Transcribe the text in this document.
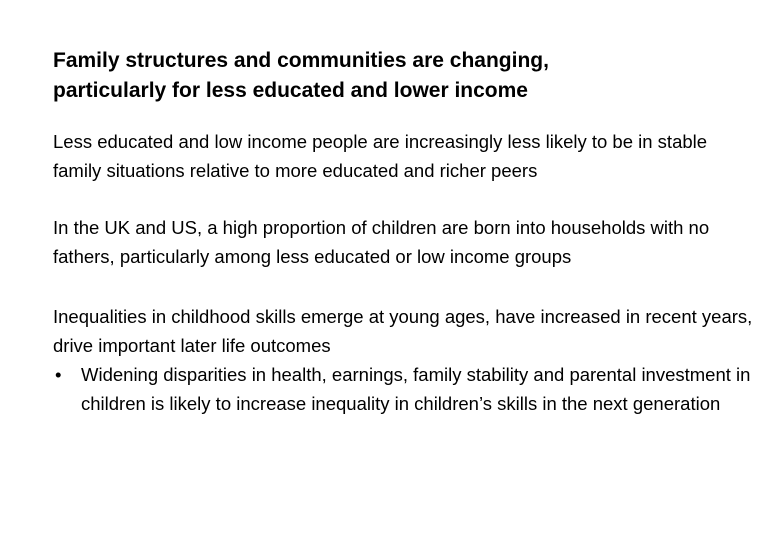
Family structures and communities are changing,
particularly for less educated and lower income

Less educated and low income people are increasingly less likely to be in stable family situations relative to more educated and richer peers

In the UK and US, a high proportion of children are born into households with no fathers, particularly among less educated or low income groups

Inequalities in childhood skills emerge at young ages, have increased in recent years, drive important later life outcomes

•	Widening disparities in health, earnings, family stability and parental investment in children is likely to increase inequality in children’s skills in the next generation
